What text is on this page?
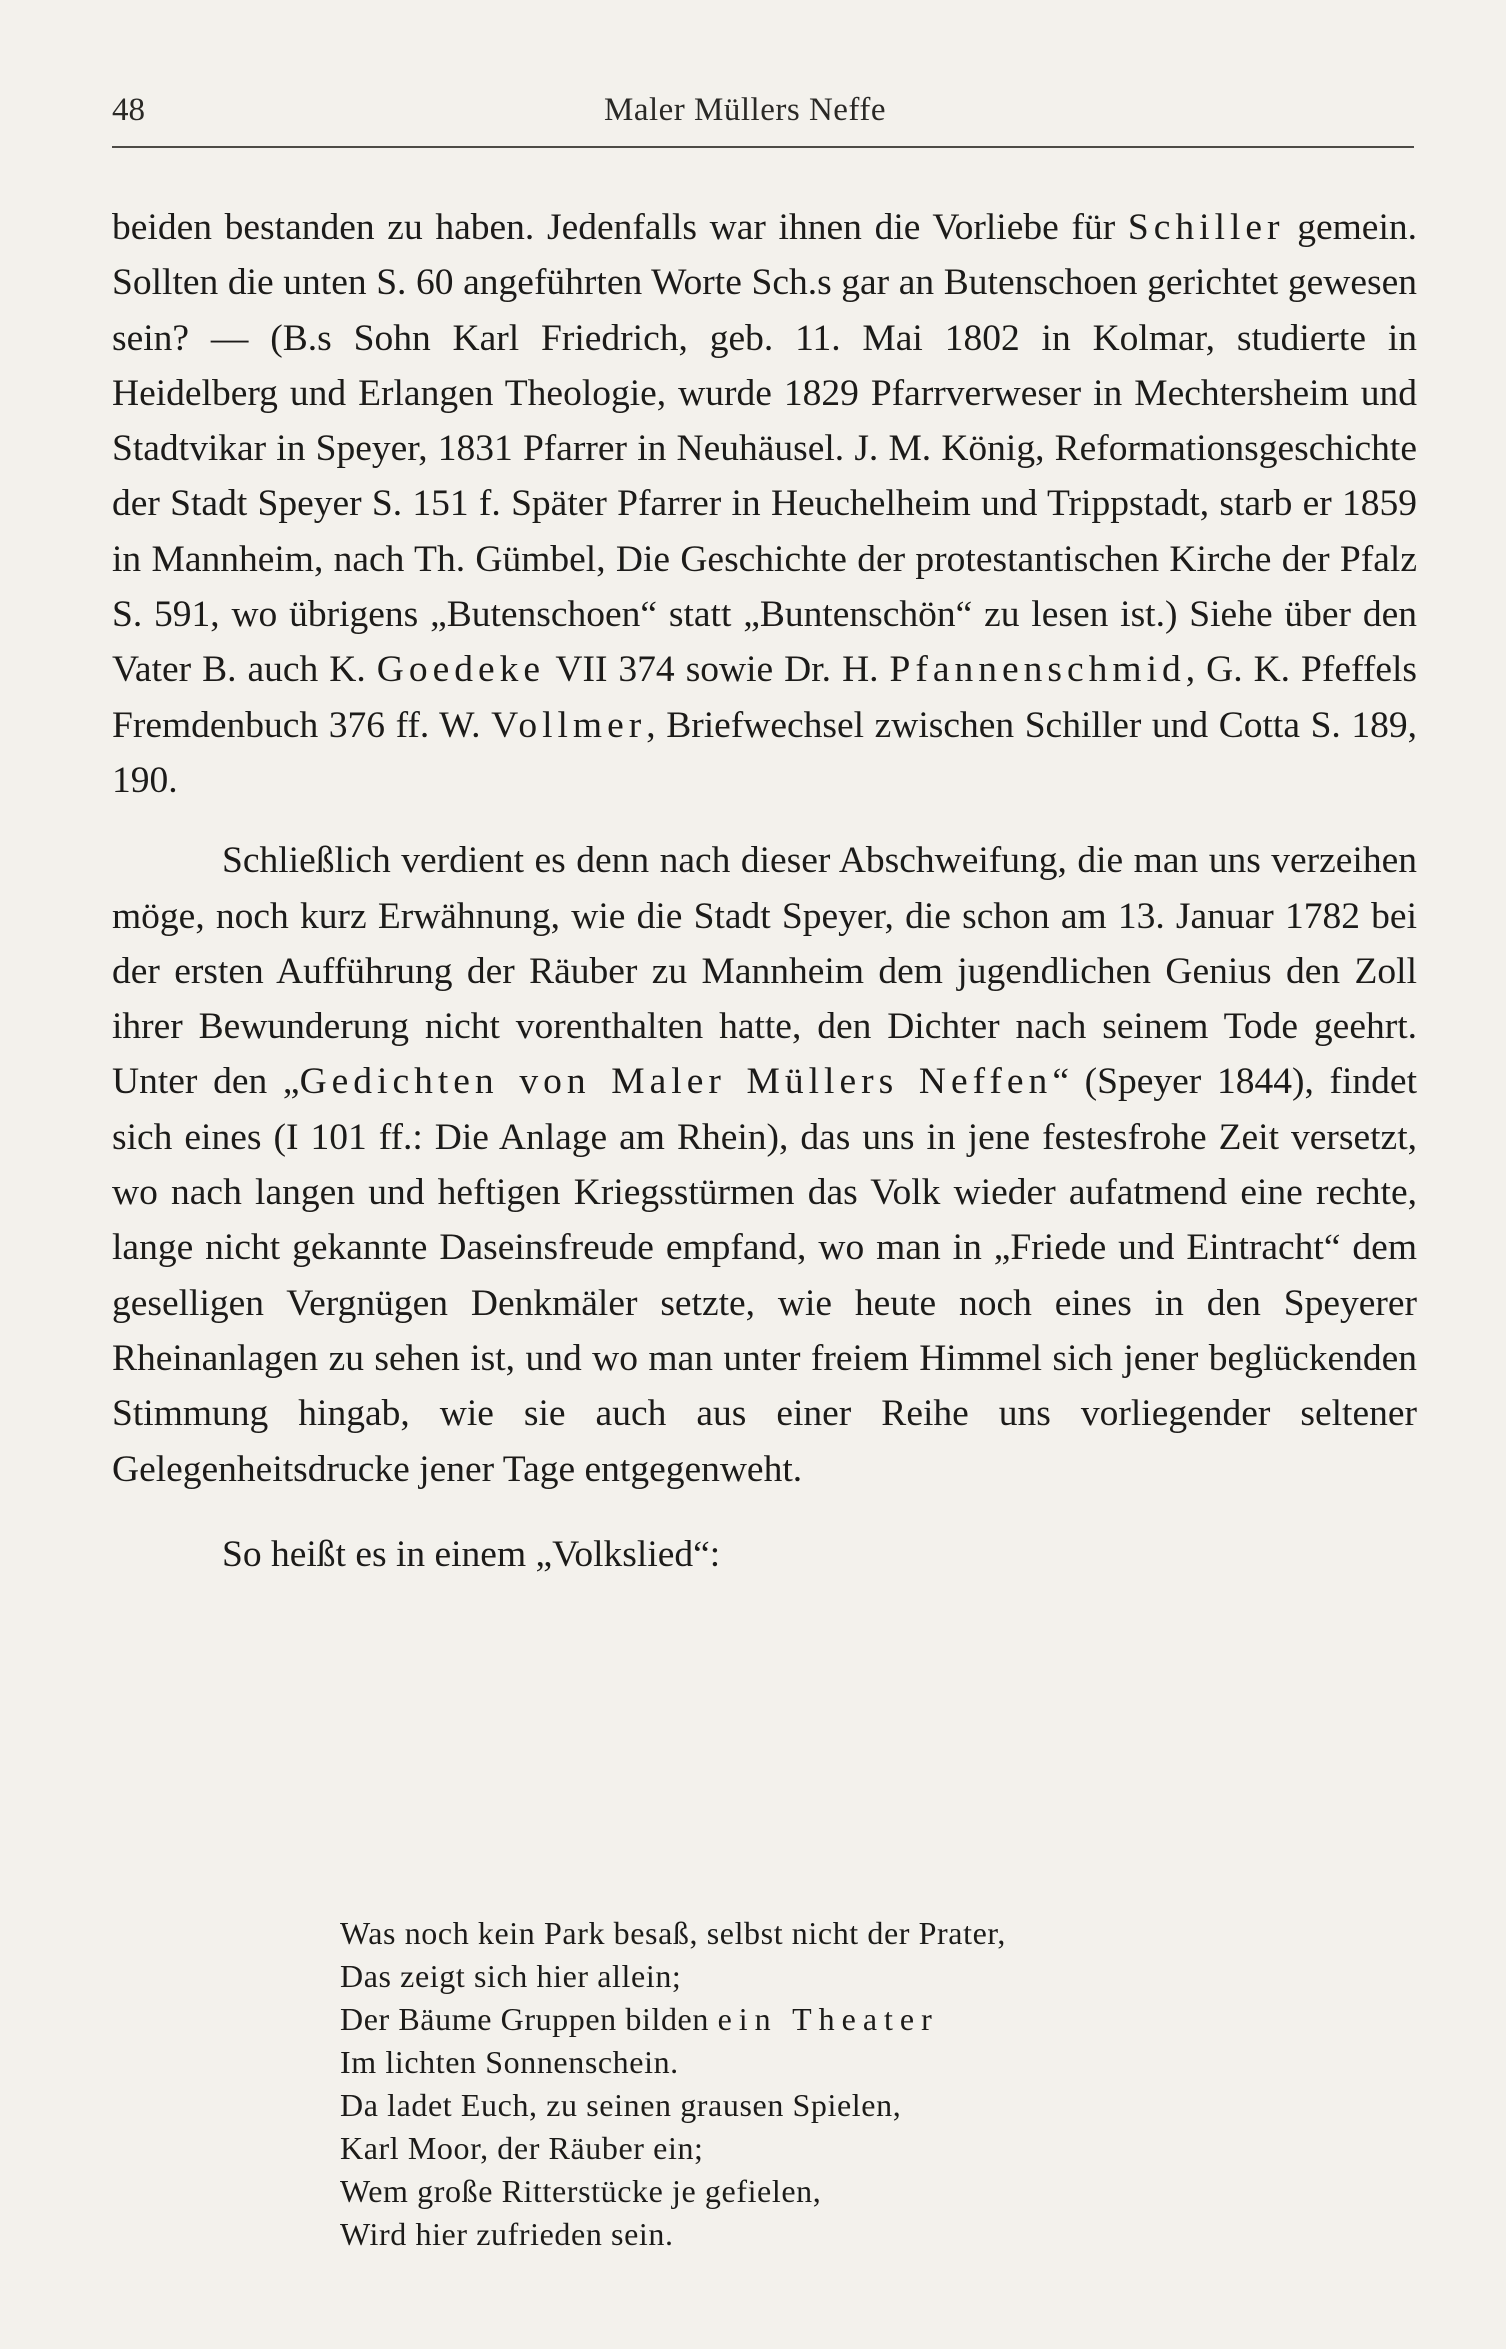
48	Maler Müllers Neffe

beiden bestanden zu haben. Jedenfalls war ihnen die Vorliebe für Schiller gemein. Sollten die unten S. 60 angeführten Worte Sch.s gar an Butenschoen gerichtet gewesen sein? — (B.s Sohn Karl Friedrich, geb. 11. Mai 1802 in Kolmar, studierte in Heidelberg und Erlangen Theologie, wurde 1829 Pfarrverweser in Mechtersheim und Stadtvikar in Speyer, 1831 Pfarrer in Neuhäusel. J. M. König, Reformationsgeschichte der Stadt Speyer S. 151 f. Später Pfarrer in Heuchelheim und Trippstadt, starb er 1859 in Mannheim, nach Th. Gümbel, Die Geschichte der protestantischen Kirche der Pfalz S. 591, wo übrigens „Butenschoen“ statt „Buntenschön“ zu lesen ist.) Siehe über den Vater B. auch K. Goedeke VII 374 sowie Dr. H. Pfannenschmid, G. K. Pfeffels Fremdenbuch 376 ff. W. Vollmer, Briefwechsel zwischen Schiller und Cotta S. 189, 190.

Schließlich verdient es denn nach dieser Abschweifung, die man uns verzeihen möge, noch kurz Erwähnung, wie die Stadt Speyer, die schon am 13. Januar 1782 bei der ersten Aufführung der Räuber zu Mannheim dem jugendlichen Genius den Zoll ihrer Bewunderung nicht vorenthalten hatte, den Dichter nach seinem Tode geehrt. Unter den „Gedichten von Maler Müllers Neffen“ (Speyer 1844), findet sich eines (I 101 ff.: Die Anlage am Rhein), das uns in jene festesfrohe Zeit versetzt, wo nach langen und heftigen Kriegsstürmen das Volk wieder aufatmend eine rechte, lange nicht gekannte Daseinsfreude empfand, wo man in „Friede und Eintracht“ dem geselligen Vergnügen Denkmäler setzte, wie heute noch eines in den Speyerer Rheinanlagen zu sehen ist, und wo man unter freiem Himmel sich jener beglückenden Stimmung hingab, wie sie auch aus einer Reihe uns vorliegender seltener Gelegenheitsdrucke jener Tage entgegenweht.

So heißt es in einem „Volkslied“:

Was noch kein Park besaß, selbst nicht der Prater,
Das zeigt sich hier allein;
Der Bäume Gruppen bilden ein Theater
Im lichten Sonnenschein.
Da ladet Euch, zu seinen grausen Spielen,
Karl Moor, der Räuber ein;
Wem große Ritterstücke je gefielen,
Wird hier zufrieden sein.
